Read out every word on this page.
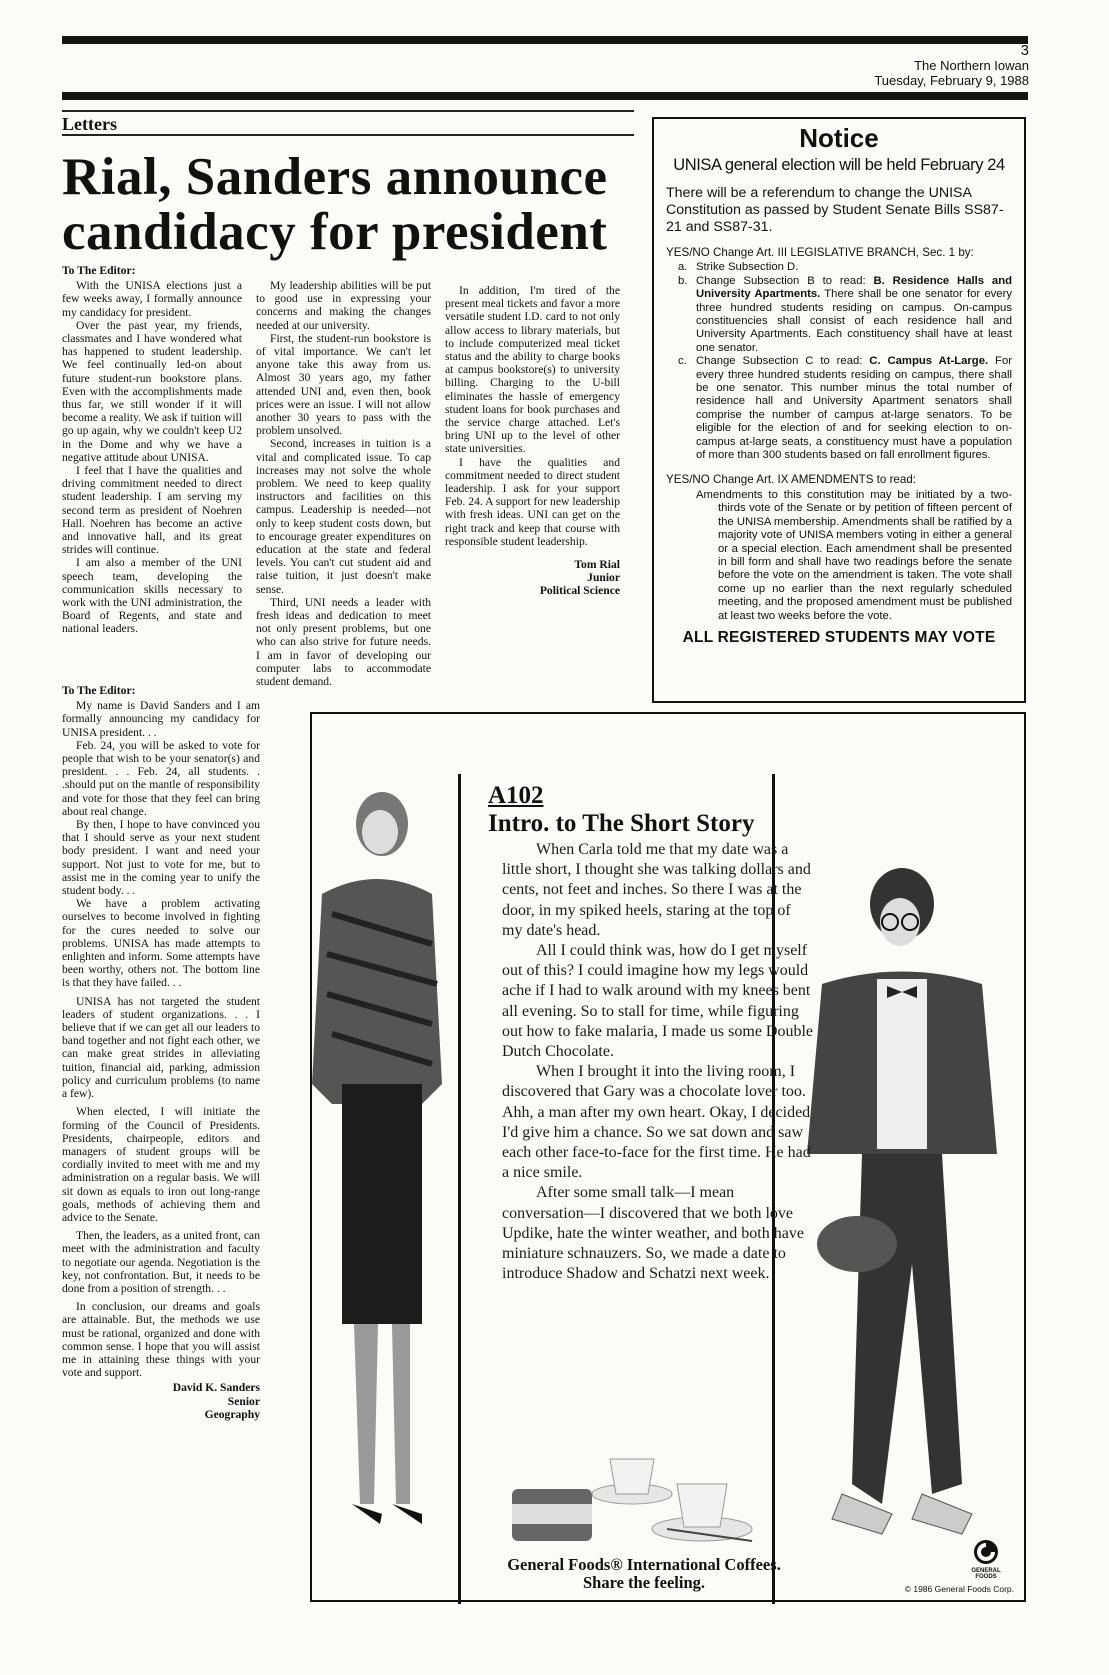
3
The Northern Iowan
Tuesday, February 9, 1988
Letters
Rial, Sanders announce candidacy for president

To The Editor:

With the UNISA elections just a few weeks away, I formally announce my candidacy for president.

Over the past year, my friends, classmates and I have wondered what has happened to student leadership. We feel continually led-on about future student-run bookstore plans. Even with the accomplishments made thus far, we still wonder if it will become a reality. We ask if tuition will go up again, why we couldn't keep U2 in the Dome and why we have a negative attitude about UNISA.

I feel that I have the qualities and driving commitment needed to direct student leadership. I am serving my second term as president of Noehren Hall. Noehren has become an active and innovative hall, and its great strides will continue.

I am also a member of the UNI speech team, developing the communication skills necessary to work with the UNI administration, the Board of Regents, and state and national leaders.

My leadership abilities will be put to good use in expressing your concerns and making the changes needed at our university.

First, the student-run bookstore is of vital importance. We can't let anyone take this away from us. Almost 30 years ago, my father attended UNI and, even then, book prices were an issue. I will not allow another 30 years to pass with the problem unsolved.

Second, increases in tuition is a vital and complicated issue. To cap increases may not solve the whole problem. We need to keep quality instructors and facilities on this campus. Leadership is needed—not only to keep student costs down, but to encourage greater expenditures on education at the state and federal levels. You can't cut student aid and raise tuition, it just doesn't make sense.

Third, UNI needs a leader with fresh ideas and dedication to meet not only present problems, but one who can also strive for future needs. I am in favor of developing our computer labs to accommodate student demand.

In addition, I'm tired of the present meal tickets and favor a more versatile student I.D. card to not only allow access to library materials, but to include computerized meal ticket status and the ability to charge books at campus bookstore(s) to university billing. Charging to the U-bill eliminates the hassle of emergency student loans for book purchases and the service charge attached. Let's bring UNI up to the level of other state universities.

I have the qualities and commitment needed to direct student leadership. I ask for your support Feb. 24. A support for new leadership with fresh ideas. UNI can get on the right track and keep that course with responsible student leadership.

Tom Rial
Junior
Political Science
Notice
UNISA general election will be held February 24
There will be a referendum to change the UNISA Constitution as passed by Student Senate Bills SS87-21 and SS87-31.
YES/NO Change Art. III LEGISLATIVE BRANCH, Sec. 1 by:
a. Strike Subsection D.
b. Change Subsection B to read: B. Residence Halls and University Apartments. There shall be one senator for every three hundred students residing on campus. On-campus constituencies shall consist of each residence hall and University Apartments. Each constituency shall have at least one senator.
c. Change Subsection C to read: C. Campus At-Large. For every three hundred students residing on campus, there shall be one senator. This number minus the total number of residence hall and University Apartment senators shall comprise the number of campus at-large senators. To be eligible for the election of and for seeking election to on-campus at-large seats, a constituency must have a population of more than 300 students based on fall enrollment figures.
YES/NO Change Art. IX AMENDMENTS to read:
Amendments to this constitution may be initiated by a two-thirds vote of the Senate or by petition of fifteen percent of the UNISA membership. Amendments shall be ratified by a majority vote of UNISA members voting in either a general or a special election. Each amendment shall be presented in bill form and shall have two readings before the senate before the vote on the amendment is taken. The vote shall come up no earlier than the next regularly scheduled meeting, and the proposed amendment must be published at least two weeks before the vote.
ALL REGISTERED STUDENTS MAY VOTE

To The Editor:

My name is David Sanders and I am formally announcing my candidacy for UNISA president. . .

Feb. 24, you will be asked to vote for people that wish to be your senator(s) and president. . . Feb. 24, all students. . .should put on the mantle of responsibility and vote for those that they feel can bring about real change.

By then, I hope to have convinced you that I should serve as your next student body president. I want and need your support. Not just to vote for me, but to assist me in the coming year to unify the student body. . .

We have a problem activating ourselves to become involved in fighting for the cures needed to solve our problems. UNISA has made attempts to enlighten and inform. Some attempts have been worthy, others not. The bottom line is that they have failed. . .

UNISA has not targeted the student leaders of student organizations. . . I believe that if we can get all our leaders to band together and not fight each other, we can make great strides in alleviating tuition, financial aid, parking, admission policy and curriculum problems (to name a few).

When elected, I will initiate the forming of the Council of Presidents. Presidents, chairpeople, editors and managers of student groups will be cordially invited to meet with me and my administration on a regular basis. We will sit down as equals to iron out long-range goals, methods of achieving them and advice to the Senate.

Then, the leaders, as a united front, can meet with the administration and faculty to negotiate our agenda. Negotiation is the key, not confrontation. But, it needs to be done from a position of strength. . .

In conclusion, our dreams and goals are attainable. But, the methods we use must be rational, organized and done with common sense. I hope that you will assist me in attaining these things with your vote and support.

David K. Sanders
Senior
Geography
A102
Intro. to The Short Story

When Carla told me that my date was a little short, I thought she was talking dollars and cents, not feet and inches. So there I was at the door, in my spiked heels, staring at the top of my date's head.

All I could think was, how do I get myself out of this? I could imagine how my legs would ache if I had to walk around with my knees bent all evening. So to stall for time, while figuring out how to fake malaria, I made us some Double Dutch Chocolate.

When I brought it into the living room, I discovered that Gary was a chocolate lover too. Ahh, a man after my own heart. Okay, I decided I'd give him a chance. So we sat down and saw each other face-to-face for the first time. He had a nice smile.

After some small talk—I mean conversation—I discovered that we both love Updike, hate the winter weather, and both have miniature schnauzers. So, we made a date to introduce Shadow and Schatzi next week.

General Foods® International Coffees.
Share the feeling.
GENERAL FOODS
© 1986 General Foods Corp.
